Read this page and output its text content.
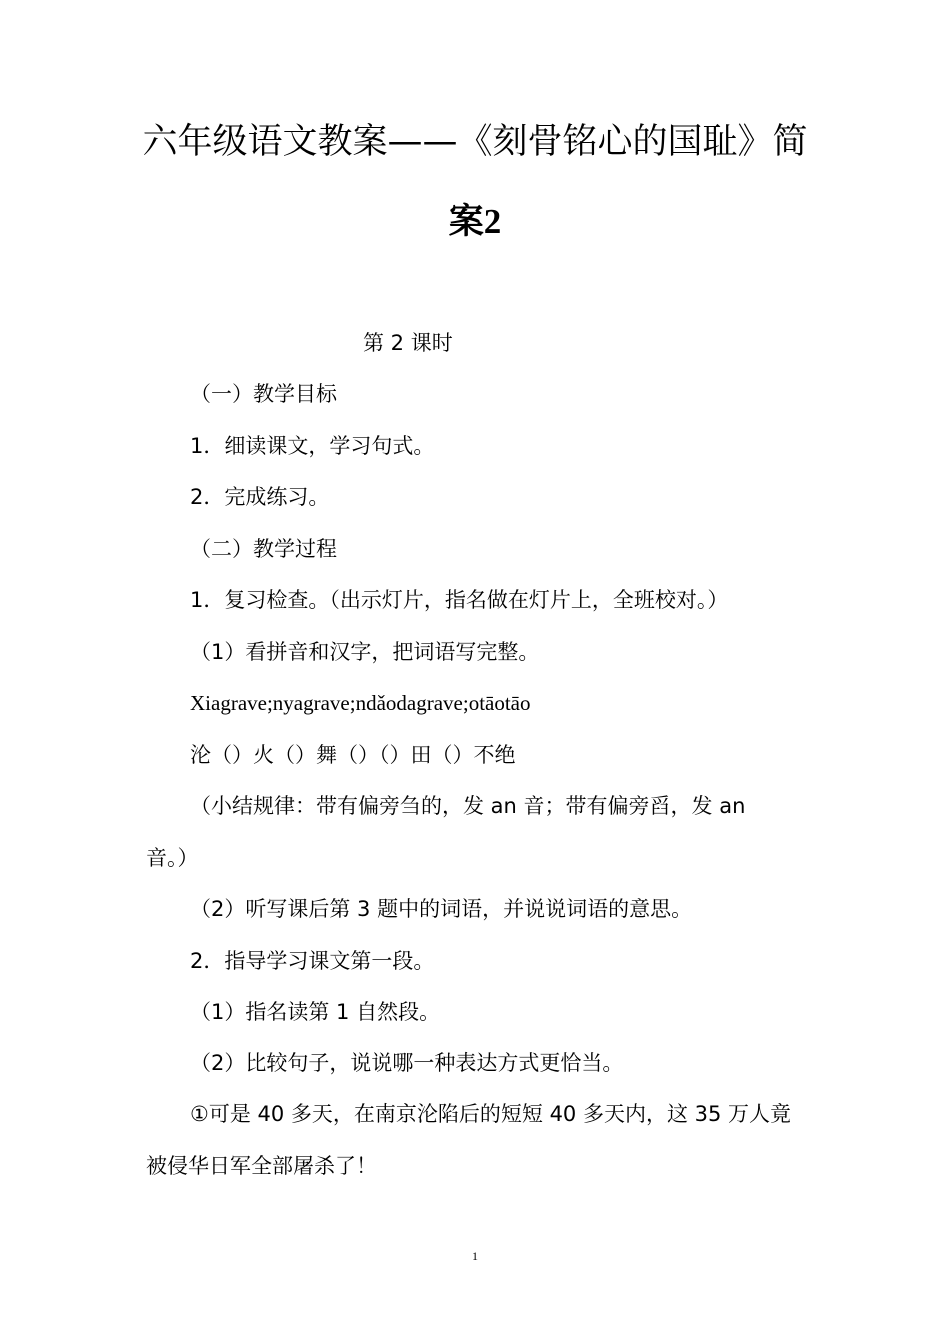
六年级语文教案——《刻骨铭心的国耻》简
案2
第 2 课时
（一）教学目标
1．细读课文，学习句式。
2．完成练习。
（二）教学过程
1．复习检查。（出示灯片，指名做在灯片上，全班校对。）
（1）看拼音和汉字，把词语写完整。
Xiagrave;nyagrave;ndǎodagrave;otāotāo
沦（）火（）舞（）（）田（）不绝
（小结规律：带有偏旁刍的，发 an 音；带有偏旁舀，发 an
音。）
（2）听写课后第 3 题中的词语，并说说词语的意思。
2．指导学习课文第一段。
（1）指名读第 1 自然段。
（2）比较句子，说说哪一种表达方式更恰当。
①可是 40 多天，在南京沦陷后的短短 40 多天内，这 35 万人竟
被侵华日军全部屠杀了！
1
